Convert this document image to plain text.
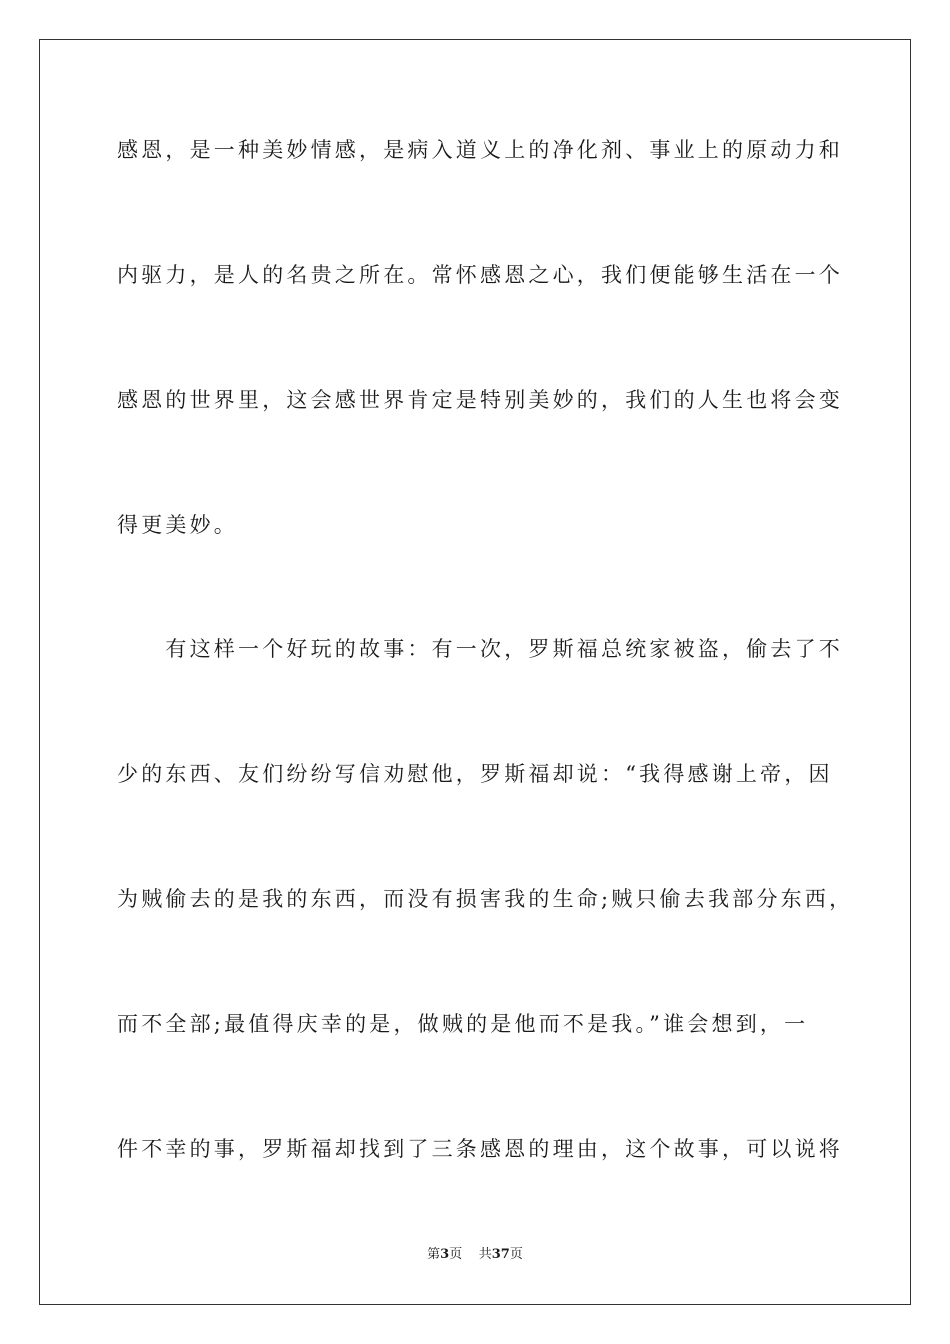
感恩，是一种美妙情感，是病入道义上的净化剂、事业上的原动力和
内驱力，是人的名贵之所在。常怀感恩之心，我们便能够生活在一个
感恩的世界里，这会感世界肯定是特别美妙的，我们的人生也将会变
得更美妙。
　　有这样一个好玩的故事：有一次，罗斯福总统家被盗，偷去了不
少的东西、友们纷纷写信劝慰他，罗斯福却说：“我得感谢上帝，因
为贼偷去的是我的东西，而没有损害我的生命;贼只偷去我部分东西，
而不全部;最值得庆幸的是，做贼的是他而不是我。”谁会想到，一
件不幸的事，罗斯福却找到了三条感恩的理由，这个故事，可以说将
第3页 共37页
